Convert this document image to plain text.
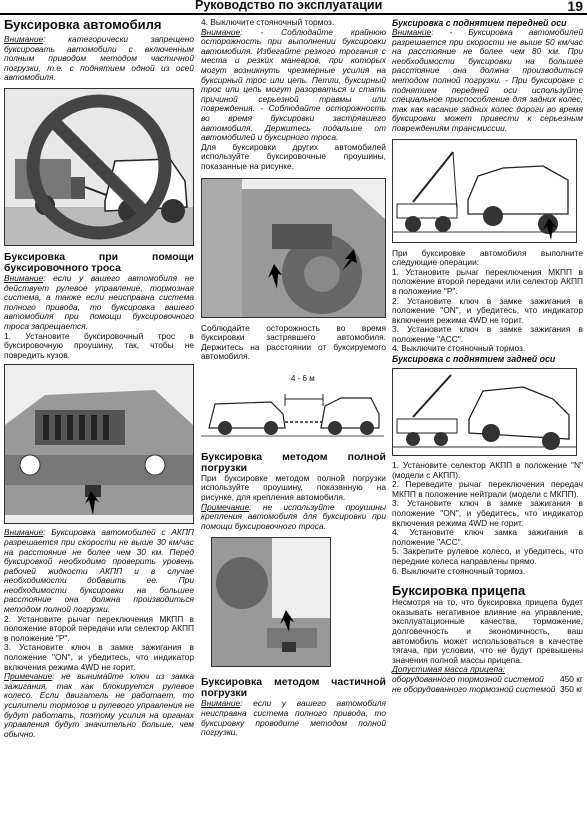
Руководство по эксплуатации	19
Буксировка автомобиля

Внимание: категорически запрещено буксировать автомобили с включенным полным приводом методом частичной погрузки, т.е. с поднятием одной из осей автомобиля.

Буксировка при помощи буксировочного троса

Внимание: если у вашего автомобиля не действует рулевое управление, тормозная система, а также если неисправна система полного привода, то буксировка вашего автомобиля при помощи буксировочного троса запрещается.

1. Установите буксировочный трос в буксировочную проушину, так, чтобы не повредить кузов.

Внимание: Буксировка автомобилей с АКПП разрешается при скорости не выше 30 км/час на расстояние не более чем 30 км. Перед буксировкой необходимо проверить уровень рабочей жидкости АКПП и в случае необходимости добавить ее. При необходимости буксировки на большее расстояние она должна производиться методом полной погрузки.

2. Установите рычаг переключения МКПП в положение второй передачи или селектор АКПП в положение "P".

3. Установите ключ в замке зажигания в положение "ON", и убедитесь, что индикатор включения режима 4WD не горит.

Примечание: не вынимайте ключ из замка зажигания, так как блокируется рулевое колесо. Если двигатель не работает, то усилители тормозов и рулевого управления не будут работать, поэтому усилия на органах управления будут значительно больше, чем обычно.

4. Выключите стояночный тормоз.

Внимание: - Соблюдайте крайнюю осторожность при выполнении буксировки автомобиля. Избегайте резкого трогания с места и резких маневров, при которых могут возникнуть чрезмерные усилия на буксирный трос или цепь. Петли, буксирный трос или цепь могут разорваться и стать причиной серьезной травмы или повреждения. - Соблюдайте осторожность во время буксировки застрявшего автомобиля. Держитесь подальше от автомобилей и буксирного троса.

Для буксировки других автомобилей используйте буксировочные проушины, показанные на рисунке.

Соблюдайте осторожность во время буксировки застрявшего автомобиля. Держитесь на расстоянии от буксируемого автомобиля.

4 - 6 м
Буксировка методом полной погрузки

При буксировке методом полной погрузки используйте проушину, показанную на рисунке, для крепления автомобиля.

Примечание: не используйте проушины крепления автомобиля для буксировки при помощи буксировочного троса.

Буксировка методом частичной погрузки

Внимание: если у вашего автомобиля неисправна система полного привода, то буксировку проводите методом полной погрузки.

Буксировка с поднятием передней оси

Внимание: - Буксировка автомобилей разрешается при скорости не выше 50 км/час на расстояние не более чем 80 км. При необходимости буксировки на большее расстояние она должна производиться методом полной погрузки. - При буксировке с поднятием передней оси используйте специальное приспособление для задних колес, так как касание задних колес дороги во время буксировки может привести к серьезным повреждениям трансмиссии.

При буксировке автомобиля выполните следующие операции:

1. Установите рычаг переключения МКПП в положение второй передачи или селектор АКПП в положение "P".

2. Установите ключ в замке зажигания в положение "ON", и убедитесь, что индикатор включения режима 4WD не горит.

3. Установите ключ в замке зажигания в положение "ACC".

4. Выключите стояночный тормоз.

Буксировка с поднятием задней оси

1. Установите селектор АКПП в положение "N" (модели с АКПП).

2. Переведите рычаг переключения передач МКПП в положение нейтрали (модели с МКПП).

3. Установите ключ в замке зажигания в положение "ON", и убедитесь, что индикатор включения режима 4WD не горит.

4. Установите ключ замка зажигания в положение "ACC".

5. Закрепите рулевое колесо, и убедитесь, что передние колеса направлены прямо.

6. Выключите стояночный тормоз.

Буксировка прицепа

Несмотря на то, что буксировка прицепа будет оказывать негативное влияние на управление, эксплуатационные качества, торможение, долговечность и экономичность, ваш автомобиль может использоваться в качестве тягача, при условии, что не будут превышены значения полной массы прицепа.

Допустимая масса прицепа:

оборудованного тормозной системой 450 кг
не оборудованного тормозной системой 350 кг
